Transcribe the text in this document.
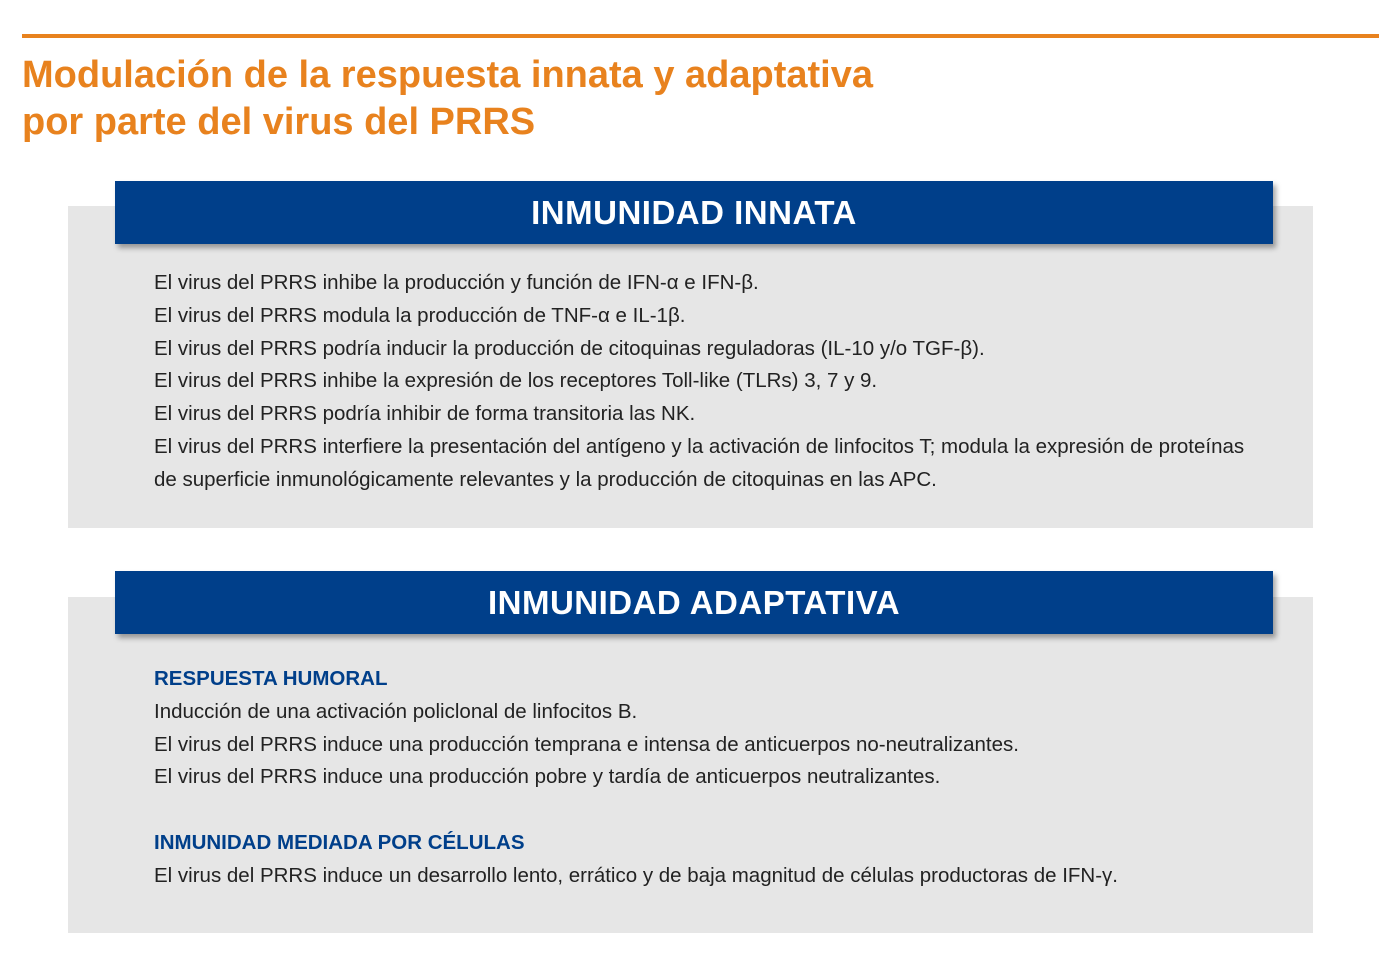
Modulación de la respuesta innata y adaptativa
por parte del virus del PRRS
INMUNIDAD INNATA

El virus del PRRS inhibe la producción y función de IFN-α e IFN-β.

El virus del PRRS modula la producción de TNF-α e IL-1β.

El virus del PRRS podría inducir la producción de citoquinas reguladoras (IL-10 y/o TGF-β).

El virus del PRRS inhibe la expresión de los receptores Toll-like (TLRs) 3, 7 y 9.

El virus del PRRS podría inhibir de forma transitoria las NK.

El virus del PRRS interfiere la presentación del antígeno y la activación de linfocitos T; modula la expresión de proteínas de superficie inmunológicamente relevantes y la producción de citoquinas en las APC.

INMUNIDAD ADAPTATIVA

RESPUESTA HUMORAL

Inducción de una activación policlonal de linfocitos B.

El virus del PRRS induce una producción temprana e intensa de anticuerpos no-neutralizantes.

El virus del PRRS induce una producción pobre y tardía de anticuerpos neutralizantes.

INMUNIDAD MEDIADA POR CÉLULAS

El virus del PRRS induce un desarrollo lento, errático y de baja magnitud de células productoras de IFN-γ.
